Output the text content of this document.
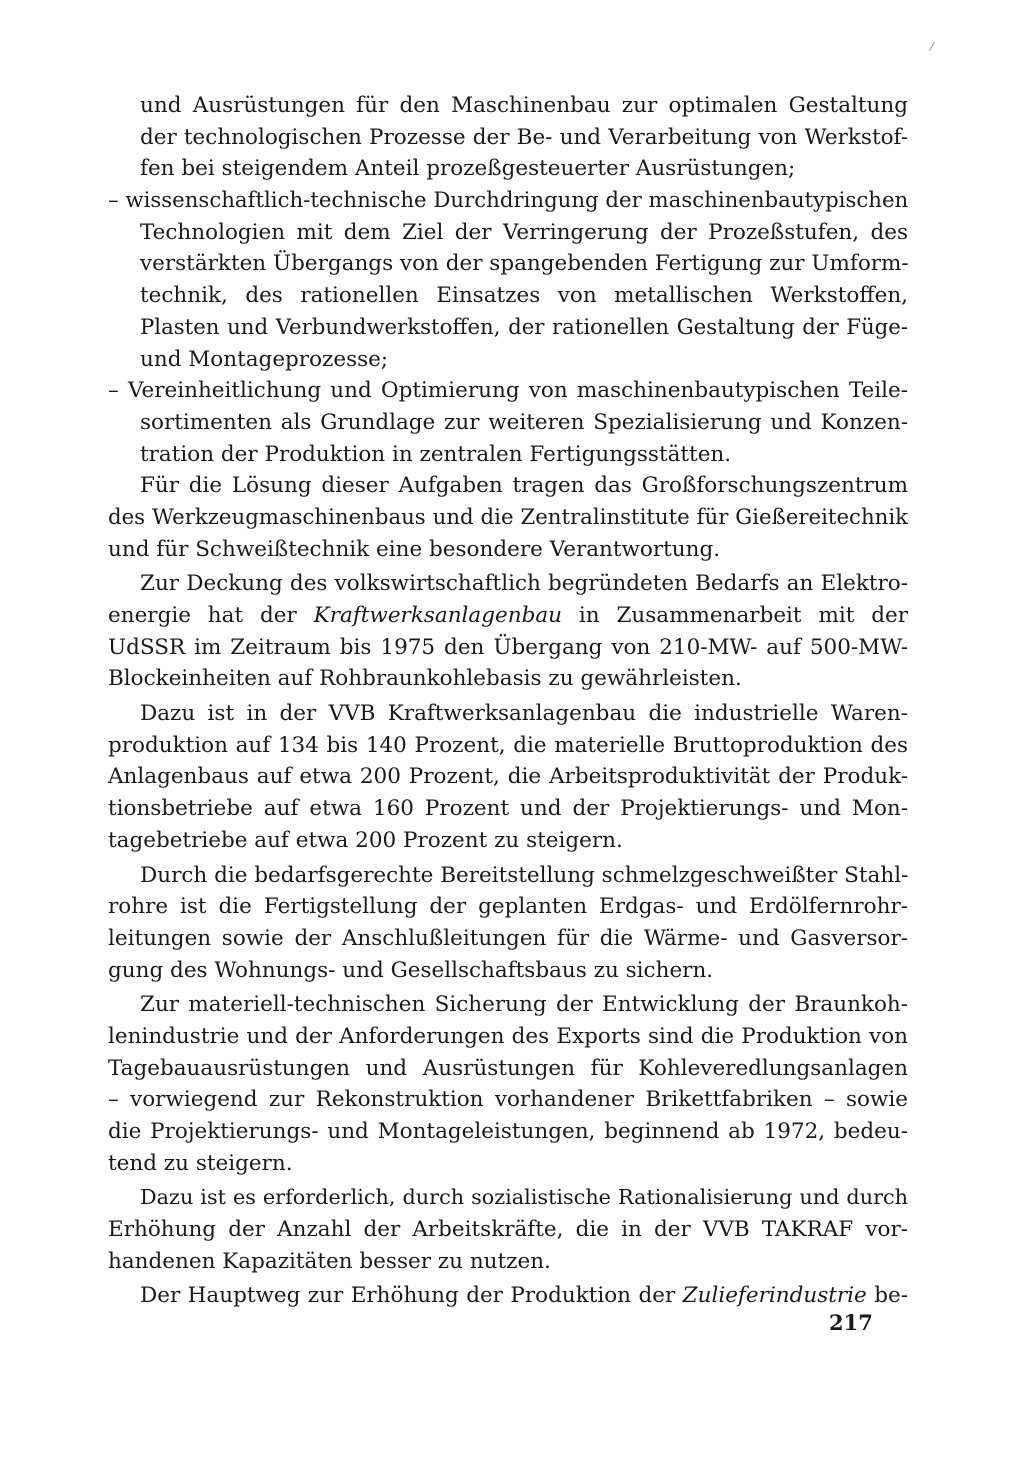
und Ausrüstungen für den Maschinenbau zur optimalen Gestaltung
der technologischen Prozesse der Be- und Verarbeitung von Werkstof-
fen bei steigendem Anteil prozeßgesteuerter Ausrüstungen;
– wissenschaftlich-technische Durchdringung der maschinenbautypischen
Technologien mit dem Ziel der Verringerung der Prozeßstufen, des
verstärkten Übergangs von der spangebenden Fertigung zur Umform-
technik, des rationellen Einsatzes von metallischen Werkstoffen,
Plasten und Verbundwerkstoffen, der rationellen Gestaltung der Füge-
und Montageprozesse;
– Vereinheitlichung und Optimierung von maschinenbautypischen Teile-
sortimenten als Grundlage zur weiteren Spezialisierung und Konzen-
tration der Produktion in zentralen Fertigungsstätten.
Für die Lösung dieser Aufgaben tragen das Großforschungszentrum
des Werkzeugmaschinenbaus und die Zentralinstitute für Gießereitechnik
und für Schweißtechnik eine besondere Verantwortung.
Zur Deckung des volkswirtschaftlich begründeten Bedarfs an Elektro-
energie hat der Kraftwerksanlagenbau in Zusammenarbeit mit der
UdSSR im Zeitraum bis 1975 den Übergang von 210-MW- auf 500-MW-
Blockeinheiten auf Rohbraunkohlebasis zu gewährleisten.
Dazu ist in der VVB Kraftwerksanlagenbau die industrielle Waren-
produktion auf 134 bis 140 Prozent, die materielle Bruttoproduktion des
Anlagenbaus auf etwa 200 Prozent, die Arbeitsproduktivität der Produk-
tionsbetriebe auf etwa 160 Prozent und der Projektierungs- und Mon-
tagebetriebe auf etwa 200 Prozent zu steigern.
Durch die bedarfsgerechte Bereitstellung schmelzgeschweißter Stahl-
rohre ist die Fertigstellung der geplanten Erdgas- und Erdölfernrohr-
leitungen sowie der Anschlußleitungen für die Wärme- und Gasversor-
gung des Wohnungs- und Gesellschaftsbaus zu sichern.
Zur materiell-technischen Sicherung der Entwicklung der Braunkoh-
lenindustrie und der Anforderungen des Exports sind die Produktion von
Tagebauausrüstungen und Ausrüstungen für Kohleveredlungsanlagen
– vorwiegend zur Rekonstruktion vorhandener Brikettfabriken – sowie
die Projektierungs- und Montageleistungen, beginnend ab 1972, bedeu-
tend zu steigern.
Dazu ist es erforderlich, durch sozialistische Rationalisierung und durch
Erhöhung der Anzahl der Arbeitskräfte, die in der VVB TAKRAF vor-
handenen Kapazitäten besser zu nutzen.
Der Hauptweg zur Erhöhung der Produktion der Zulieferindustrie be-
217
